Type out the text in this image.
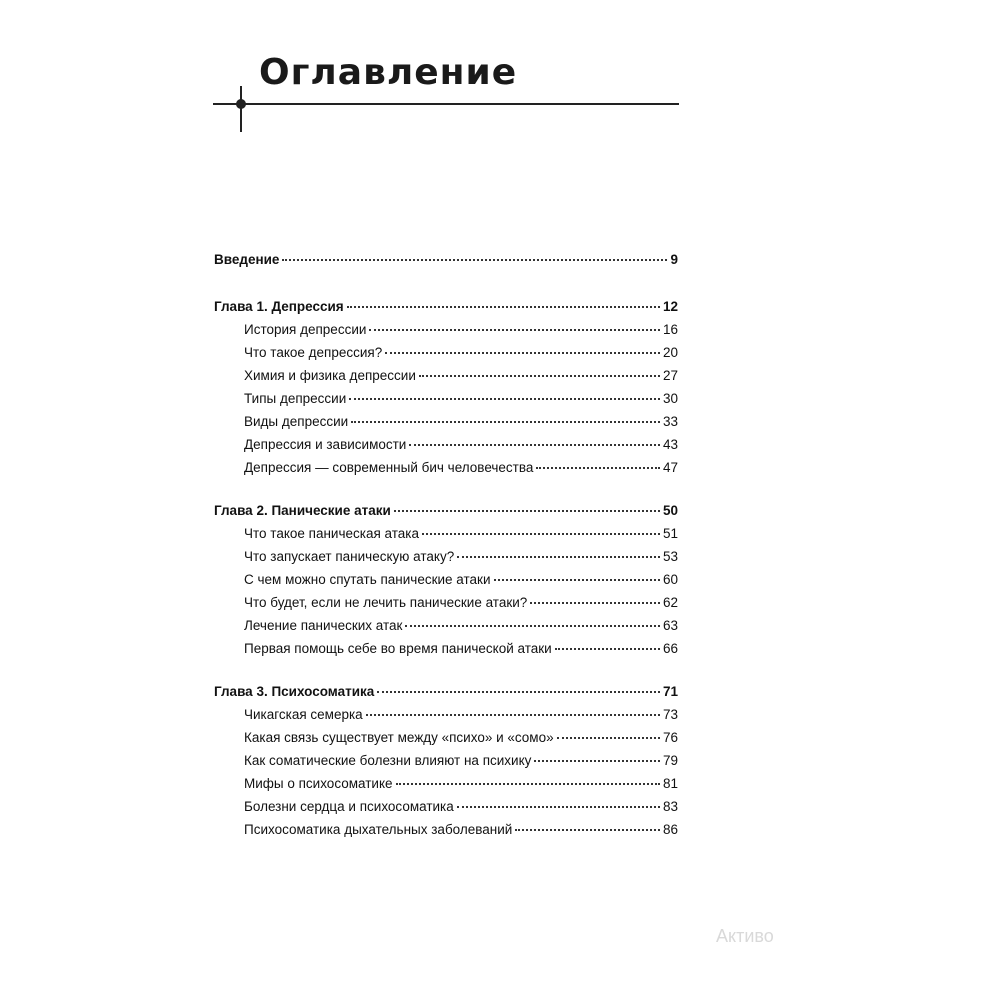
Оглавление
Введение	9
Глава 1. Депрессия	12
История депрессии	16
Что такое депрессия?	20
Химия и физика депрессии	27
Типы депрессии	30
Виды депрессии	33
Депрессия и зависимости	43
Депрессия — современный бич человечества	47
Глава 2. Панические атаки	50
Что такое паническая атака	51
Что запускает паническую атаку?	53
С чем можно спутать панические атаки	60
Что будет, если не лечить панические атаки?	62
Лечение панических атак	63
Первая помощь себе во время панической атаки	66
Глава 3. Психосоматика	71
Чикагская семерка	73
Какая связь существует между «психо» и «сомо»	76
Как соматические болезни влияют на психику	79
Мифы о психосоматике	81
Болезни сердца и психосоматика	83
Психосоматика дыхательных заболеваний	86

Активо
